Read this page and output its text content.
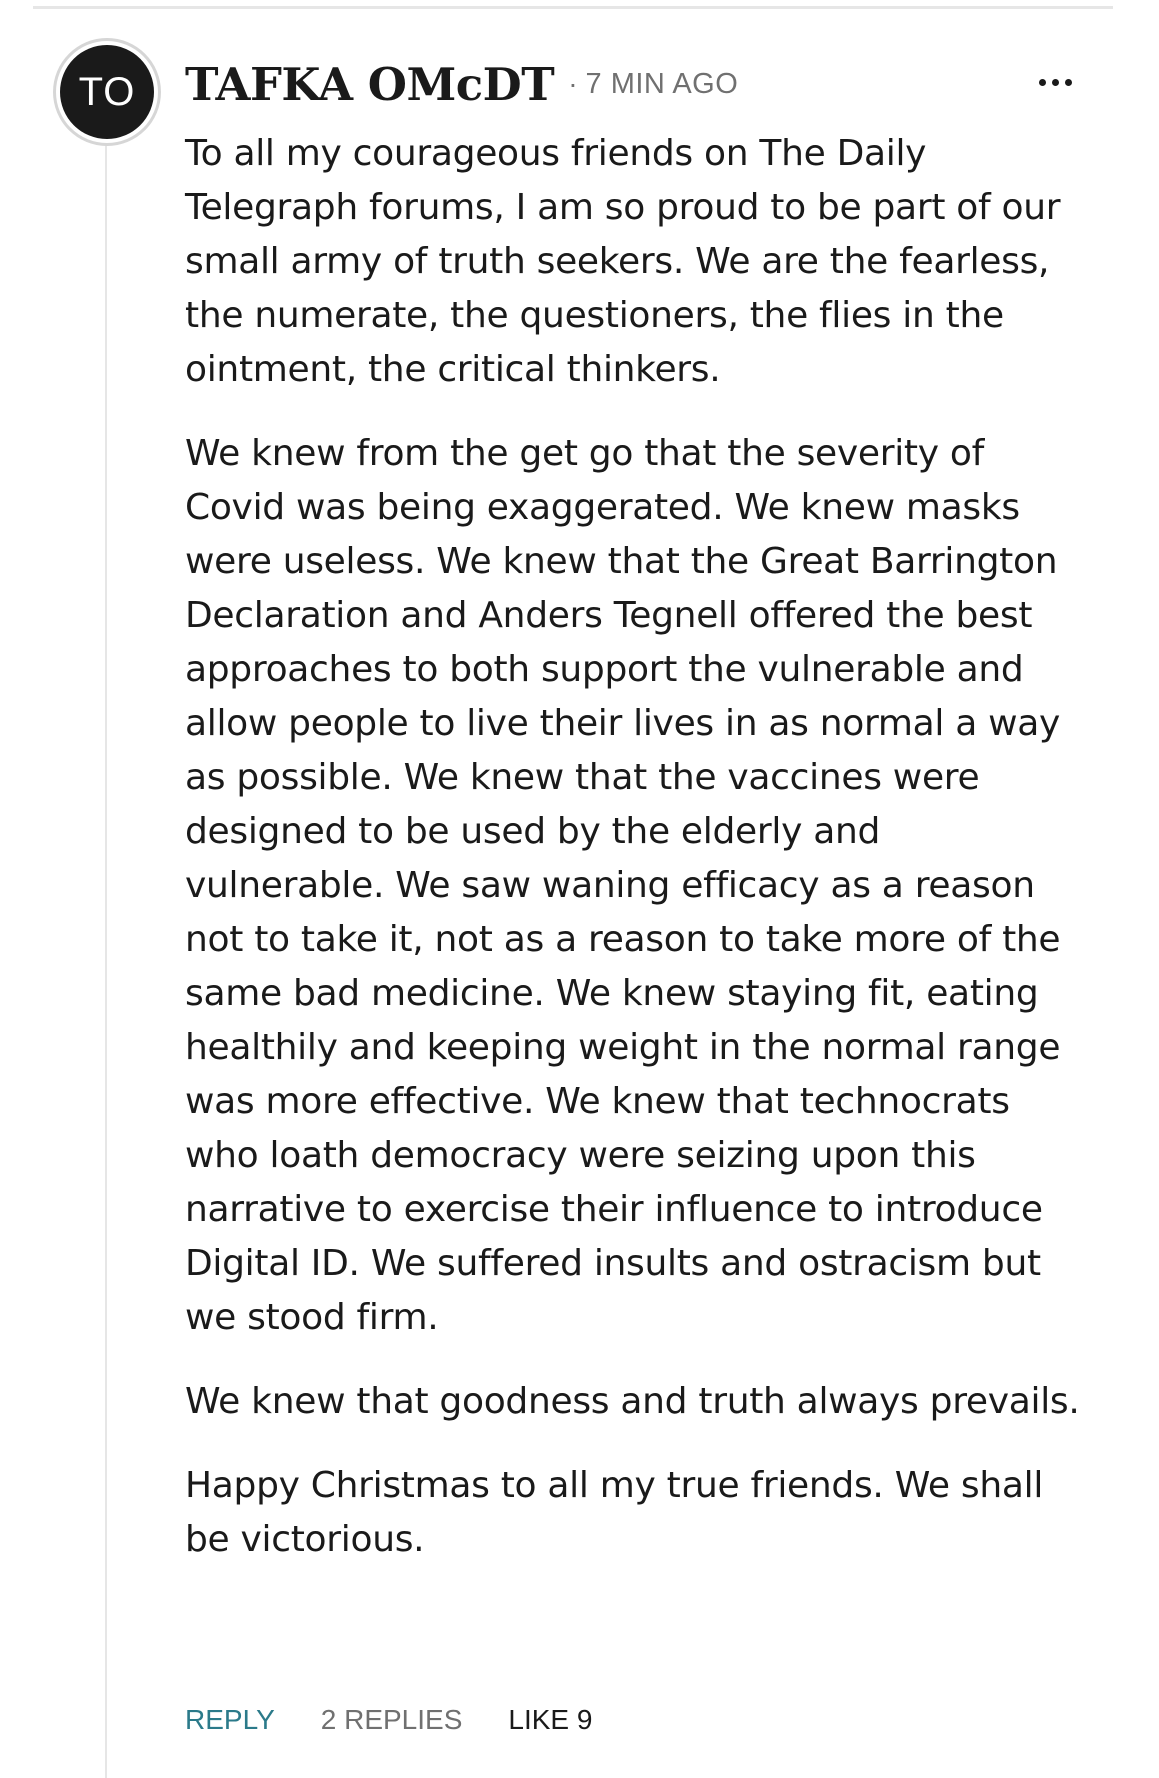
TO TAFKA OMcDT · 7 MIN AGO

To all my courageous friends on The Daily Telegraph forums, I am so proud to be part of our small army of truth seekers. We are the fearless, the numerate, the questioners, the flies in the ointment, the critical thinkers.

We knew from the get go that the severity of Covid was being exaggerated. We knew masks were useless. We knew that the Great Barrington Declaration and Anders Tegnell offered the best approaches to both support the vulnerable and allow people to live their lives in as normal a way as possible. We knew that the vaccines were designed to be used by the elderly and vulnerable. We saw waning efficacy as a reason not to take it, not as a reason to take more of the same bad medicine. We knew staying fit, eating healthily and keeping weight in the normal range was more effective. We knew that technocrats who loath democracy were seizing upon this narrative to exercise their influence to introduce Digital ID. We suffered insults and ostracism but we stood firm.

We knew that goodness and truth always prevails.

Happy Christmas to all my true friends. We shall be victorious.

REPLY 2 REPLIES LIKE 9
